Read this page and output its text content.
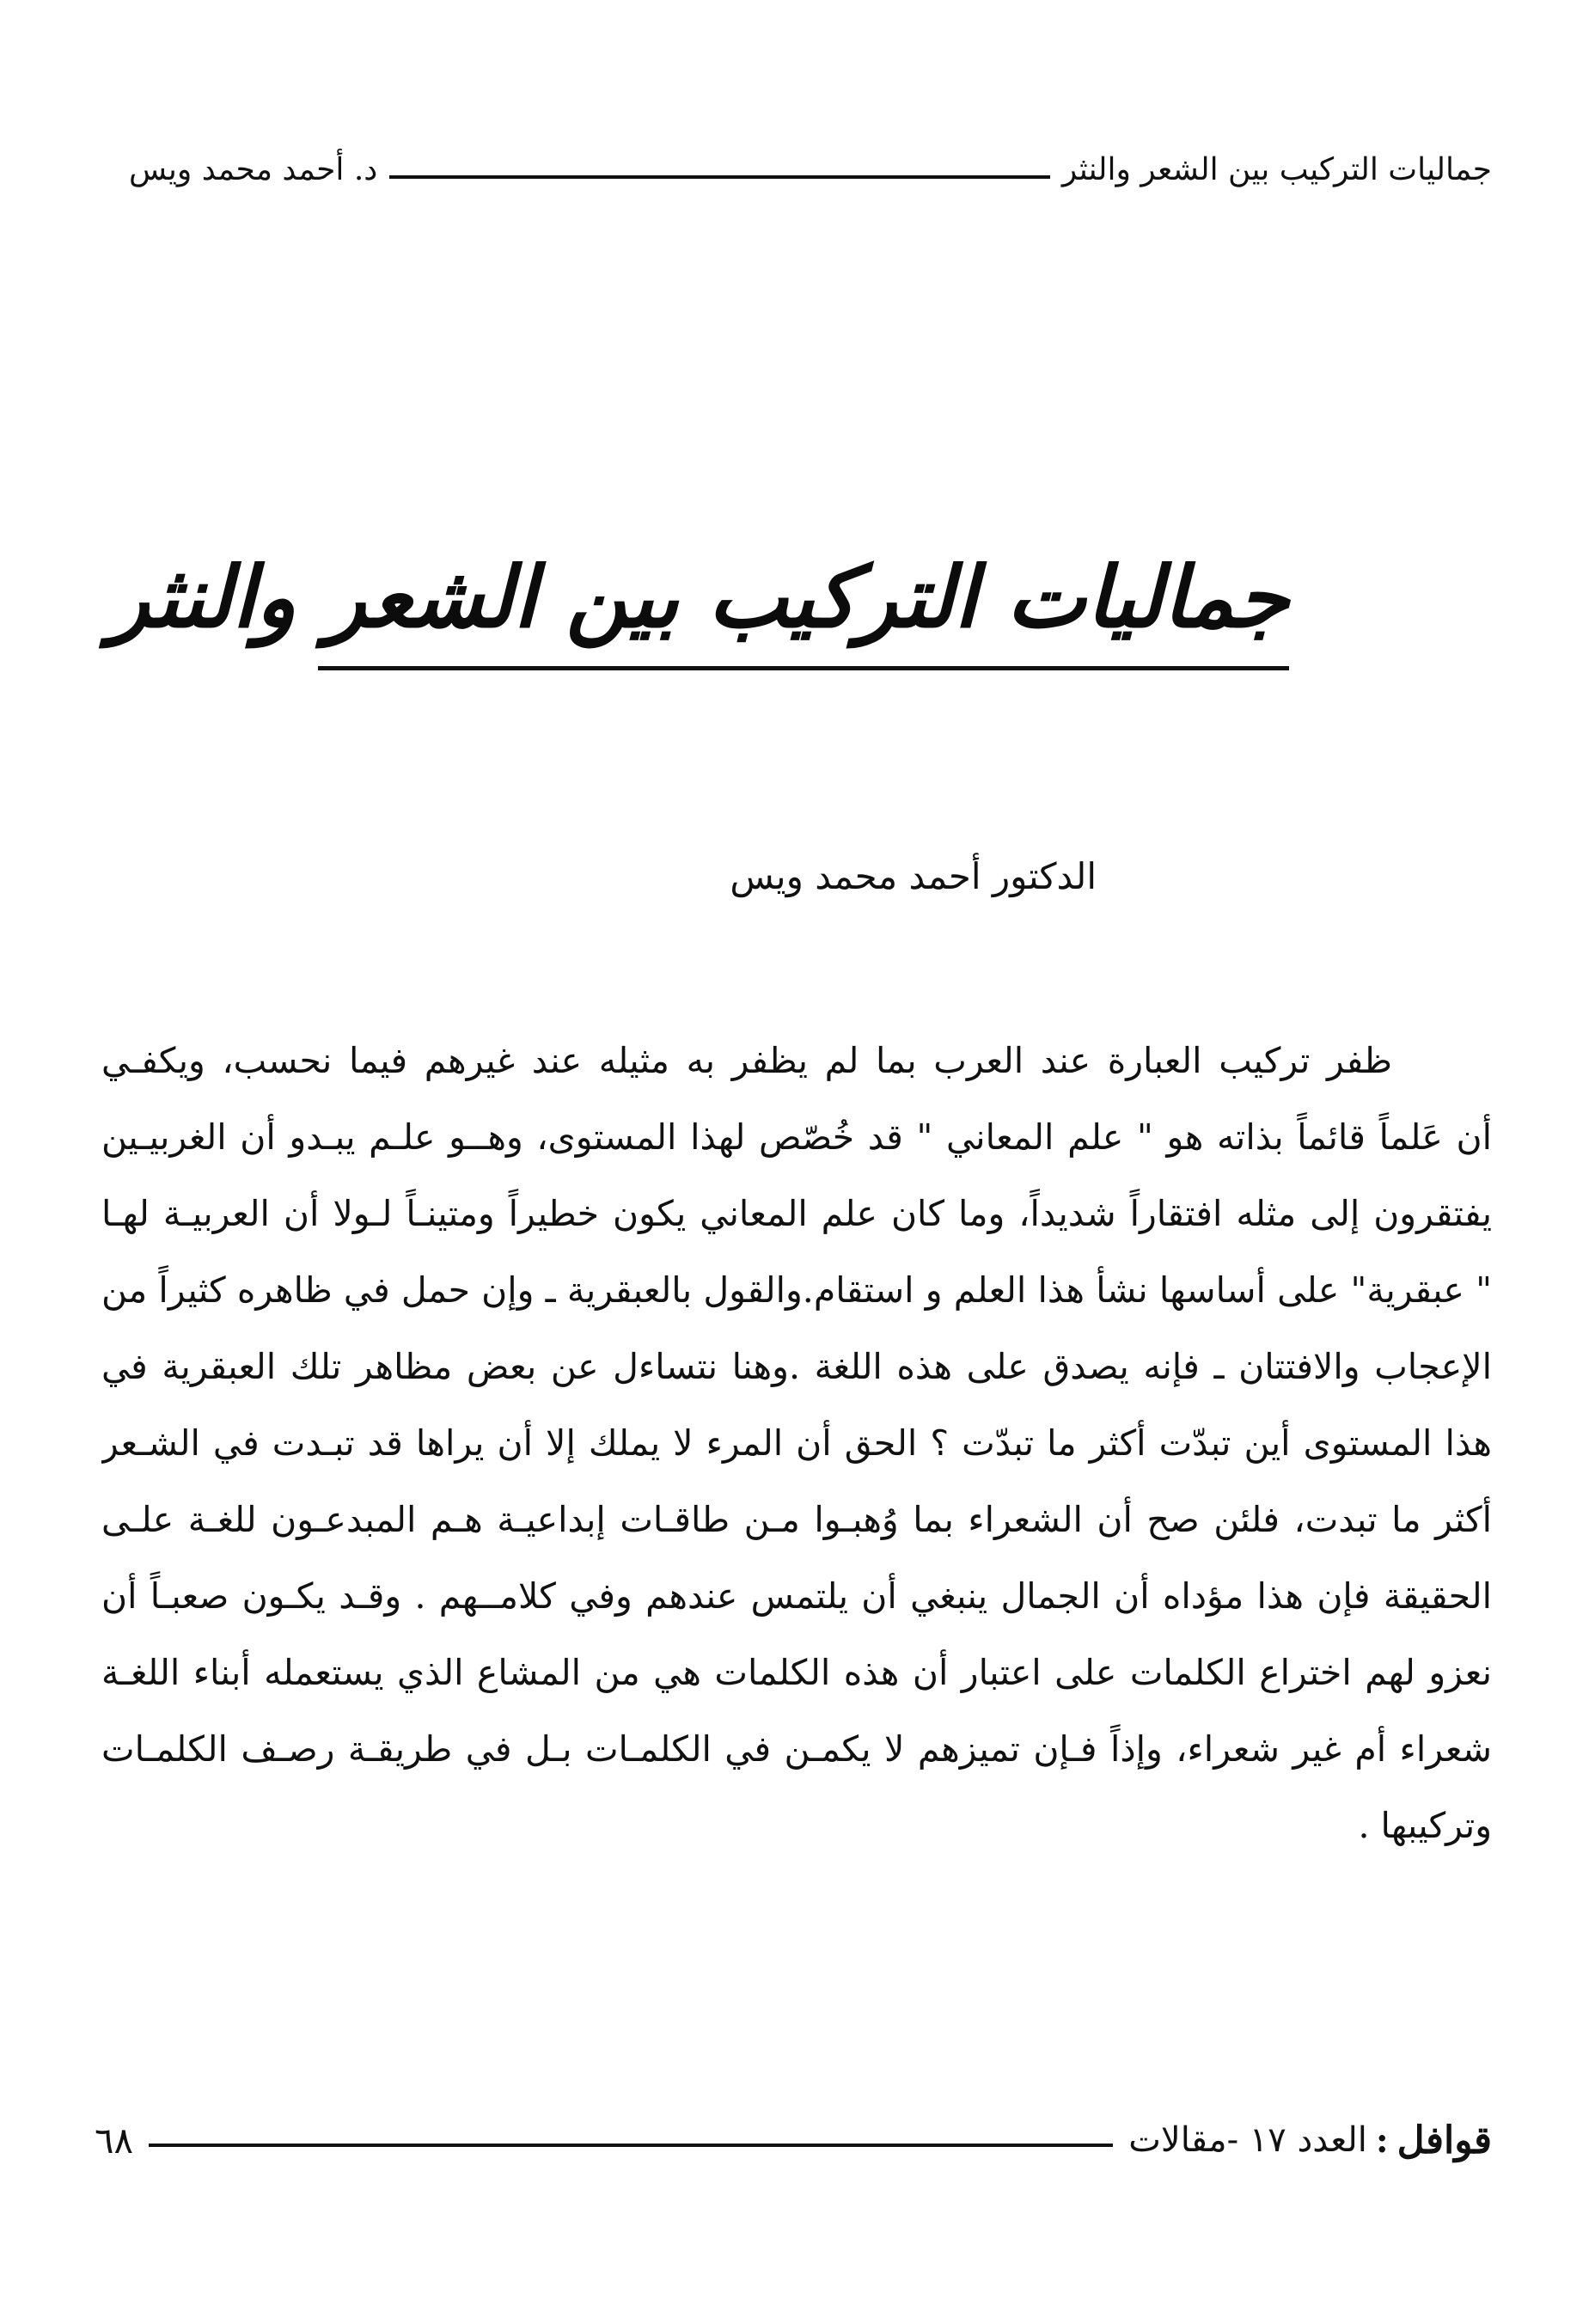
جماليات التركيب بين الشعر والنثر
د. أحمد محمد ويس
جماليات التركيب بين الشعر والنثر
الدكتور أحمد محمد ويس
ظفر تركيب العبارة عند العرب بما لم يظفر به مثيله عند غيرهم فيما نحسب، ويكفـي
أن عَلماً قائماً بذاته هو " علم المعاني " قد خُصّص لهذا المستوى، وهــو علـم يبـدو أن الغربيـين
يفتقرون إلى مثله افتقاراً شديداً، وما كان علم المعاني يكون خطيراً ومتينـاً لـولا أن العربيـة لهـا
" عبقرية" على أساسها نشأ هذا العلم و استقام.والقول بالعبقرية ـ وإن حمل في ظاهره كثيراً من
الإعجاب والافتتان ـ فإنه يصدق على هذه اللغة .وهنا نتساءل عن بعض مظاهر تلك العبقرية في
هذا المستوى أين تبدّت أكثر ما تبدّت ؟ الحق أن المرء لا يملك إلا أن يراها قد تبـدت في الشـعر
أكثر ما تبدت، فلئن صح أن الشعراء بما وُهبـوا مـن طاقـات إبداعيـة هـم المبدعـون للغـة علـى
الحقيقة فإن هذا مؤداه أن الجمال ينبغي أن يلتمس عندهم وفي كلامــهم . وقـد يكـون صعبـاً أن
نعزو لهم اختراع الكلمات على اعتبار أن هذه الكلمات هي من المشاع الذي يستعمله أبناء اللغـة
شعراء أم غير شعراء، وإذاً فـإن تميزهم لا يكمـن في الكلمـات بـل في طريقـة رصـف الكلمـات
وتركيبها .
قوافل
:
العدد ١٧ -مقالات
٦٨
